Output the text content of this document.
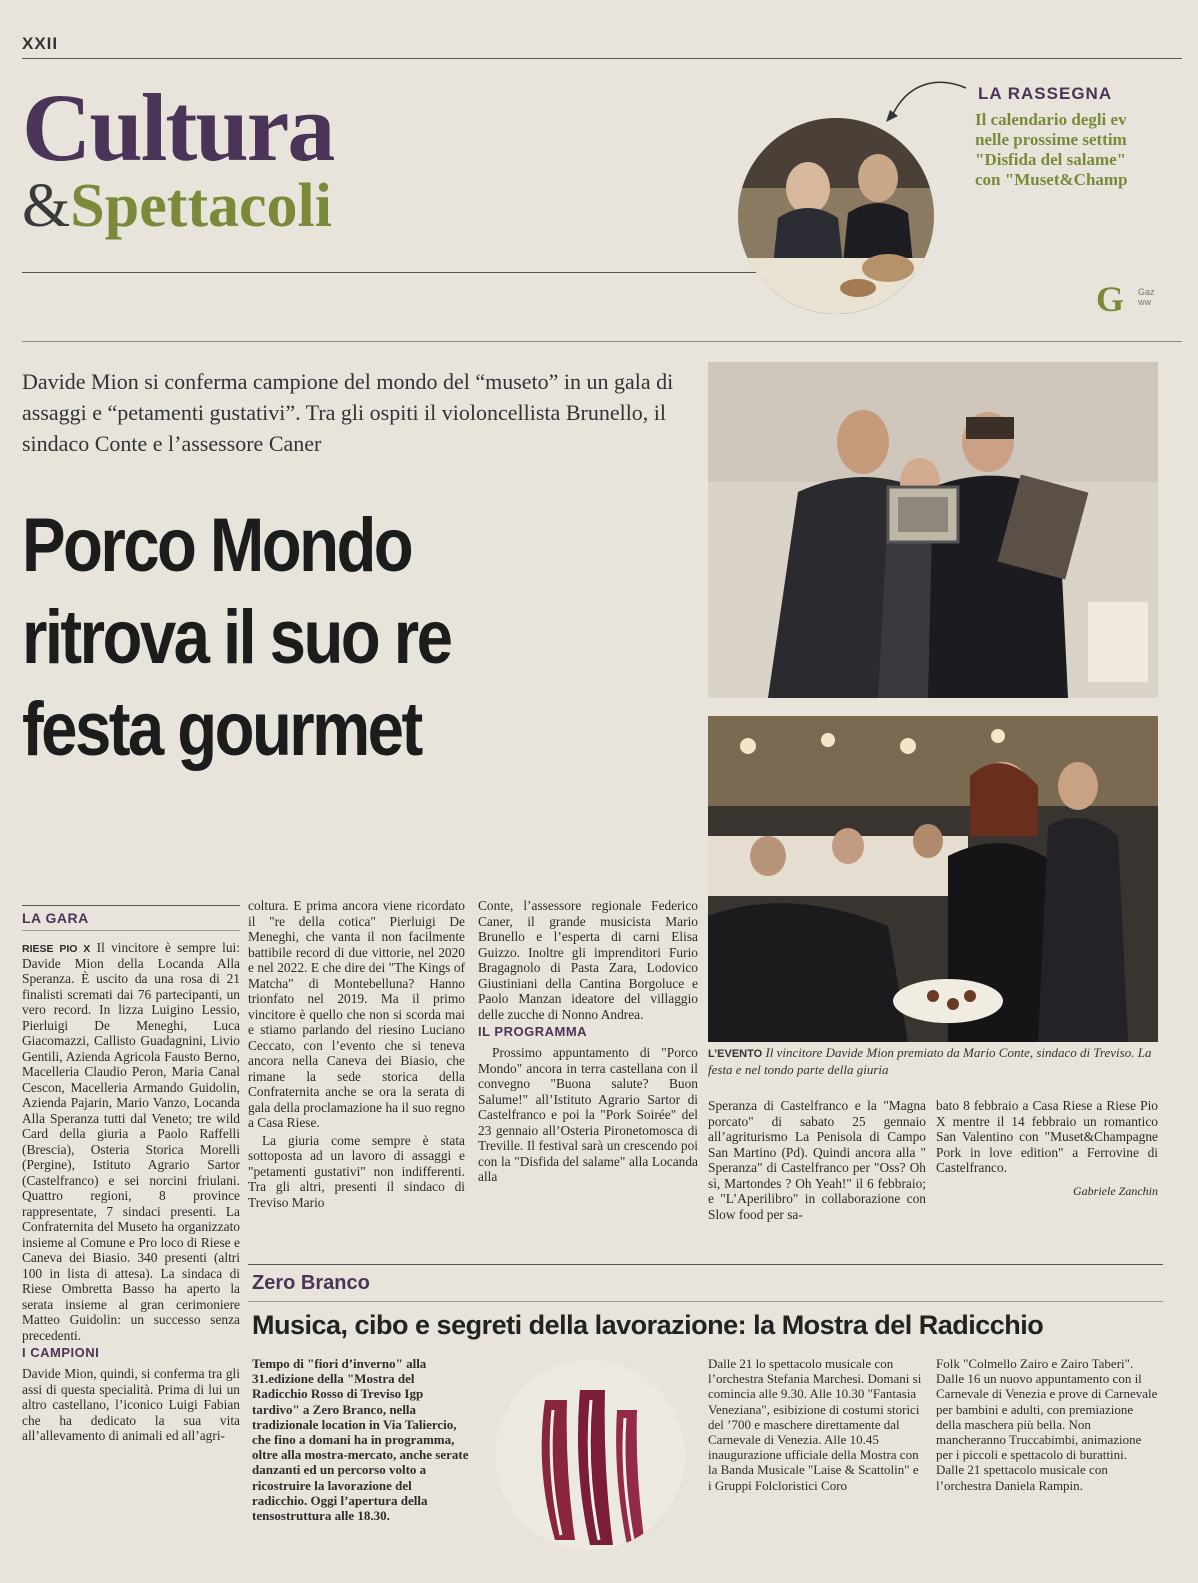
XXII
Cultura
&Spettacoli
LA RASSEGNA
Il calendario degli ev
nelle prossime settim
"Disfida del salame"
con "Muset&Champ
G Gaz
ww
Davide Mion si conferma campione del mondo del “museto” in un gala di assaggi e “petamenti gustativi”. Tra gli ospiti il violoncellista Brunello, il sindaco Conte e l’assessore Caner
Porco Mondo
ritrova il suo re
festa gourmet
L’EVENTO Il vincitore Davide Mion premiato da Mario Conte, sindaco di Treviso. La festa e nel tondo parte della giuria
LA GARA

RIESE PIO X Il vincitore è sempre lui: Davide Mion della Locanda Alla Speranza. È uscito da una rosa di 21 finalisti scremati dai 76 partecipanti, un vero record. In lizza Luigino Lessio, Pierluigi De Meneghi, Luca Giacomazzi, Callisto Guadagnini, Livio Gentili, Azienda Agricola Fausto Berno, Macelleria Claudio Peron, Maria Canal Cescon, Macelleria Armando Guidolin, Azienda Pajarin, Mario Vanzo, Locanda Alla Speranza tutti dal Veneto; tre wild Card della giuria a Paolo Raffelli (Brescia), Osteria Storica Morelli (Pergine), Istituto Agrario Sartor (Castelfranco) e sei norcini friulani. Quattro regioni, 8 province rappresentate, 7 sindaci presenti. La Confraternita del Museto ha organizzato insieme al Comune e Pro loco di Riese e Caneva dei Biasio. 340 presenti (altri 100 in lista di attesa). La sindaca di Riese Ombretta Basso ha aperto la serata insieme al gran cerimoniere Matteo Guidolin: un successo senza precedenti.

I CAMPIONI

Davide Mion, quindi, si conferma tra gli assi di questa specialità. Prima di lui un altro castellano, l’iconico Luigi Fabian che ha dedicato la sua vita all’allevamento di animali ed all’agri-

coltura. E prima ancora viene ricordato il "re della cotica" Pierluigi De Meneghi, che vanta il non facilmente battibile record di due vittorie, nel 2020 e nel 2022. E che dire dei "The Kings of Matcha" di Montebelluna? Hanno trionfato nel 2019. Ma il primo vincitore è quello che non si scorda mai e stiamo parlando del riesino Luciano Ceccato, con l’evento che si teneva ancora nella Caneva dei Biasio, che rimane la sede storica della Confraternita anche se ora la serata di gala della proclamazione ha il suo regno a Casa Riese.

La giuria come sempre è stata sottoposta ad un lavoro di assaggi e "petamenti gustativi" non indifferenti. Tra gli altri, presenti il sindaco di Treviso Mario

Conte, l’assessore regionale Federico Caner, il grande musicista Mario Brunello e l’esperta di carni Elisa Guizzo. Inoltre gli imprenditori Furio Bragagnolo di Pasta Zara, Lodovico Giustiniani della Cantina Borgoluce e Paolo Manzan ideatore del villaggio delle zucche di Nonno Andrea.

IL PROGRAMMA

Prossimo appuntamento di "Porco Mondo" ancora in terra castellana con il convegno "Buona salute? Buon Salume!" all’Istituto Agrario Sartor di Castelfranco e poi la "Pork Soirée" del 23 gennaio all’Osteria Pironetomosca di Treville. Il festival sarà un crescendo poi con la "Disfida del salame" alla Locanda alla

Speranza di Castelfranco e la "Magna porcato" di sabato 25 gennaio all’agriturismo La Penisola di Campo San Martino (Pd). Quindi ancora alla " Speranza" di Castelfranco per "Oss? Oh sì, Martondes ? Oh Yeah!" il 6 febbraio; e "L’Aperilibro" in collaborazione con Slow food per sa-

bato 8 febbraio a Casa Riese a Riese Pio X mentre il 14 febbraio un romantico San Valentino con "Muset&Champagne Pork in love edition" a Ferrovine di Castelfranco.

Gabriele Zanchin
Zero Branco
Musica, cibo e segreti della lavorazione: la Mostra del Radicchio
Tempo di "fiori d’inverno" alla 31.edizione della "Mostra del Radicchio Rosso di Treviso Igp tardivo" a Zero Branco, nella tradizionale location in Via Taliercio, che fino a domani ha in programma, oltre alla mostra-mercato, anche serate danzanti ed un percorso volto a ricostruire la lavorazione del radicchio. Oggi l’apertura della tensostruttura alle 18.30.
Dalle 21 lo spettacolo musicale con l’orchestra Stefania Marchesi. Domani si comincia alle 9.30. Alle 10.30 "Fantasia Veneziana", esibizione di costumi storici del ’700 e maschere direttamente dal Carnevale di Venezia. Alle 10.45 inaugurazione ufficiale della Mostra con la Banda Musicale "Laise & Scattolin" e i Gruppi Folcloristici Coro
Folk "Colmello Zairo e Zairo Taberi". Dalle 16 un nuovo appuntamento con il Carnevale di Venezia e prove di Carnevale per bambini e adulti, con premiazione della maschera più bella. Non mancheranno Truccabimbi, animazione per i piccoli e spettacolo di burattini. Dalle 21 spettacolo musicale con l’orchestra Daniela Rampin.
